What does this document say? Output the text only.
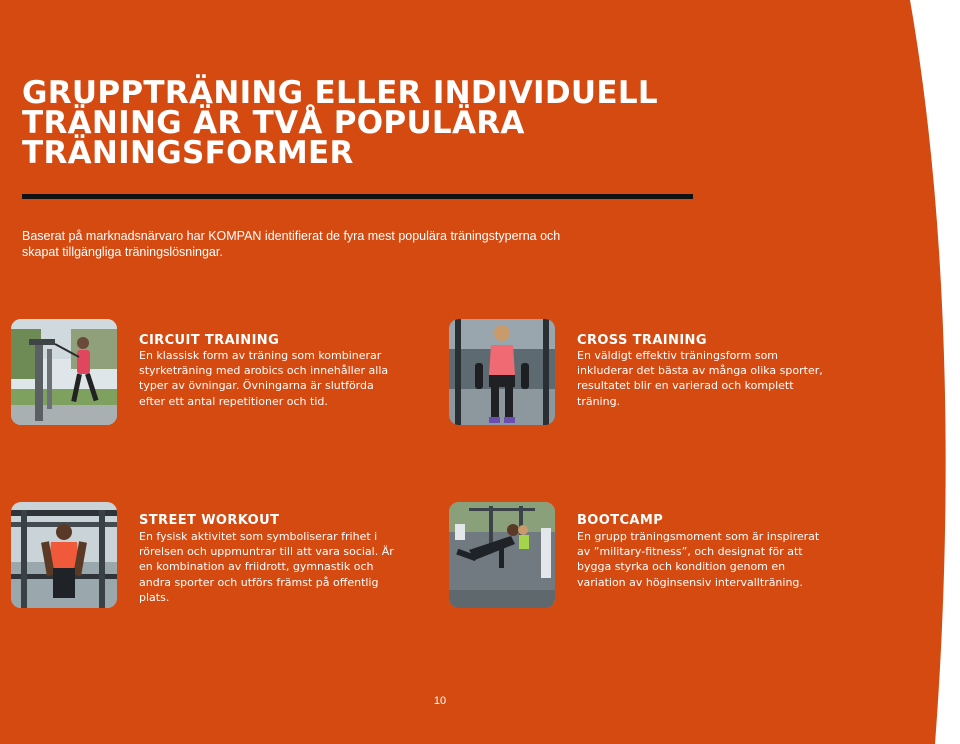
GRUPPTRÄNING ELLER INDIVIDUELL
TRÄNING ÄR TVÅ POPULÄRA
TRÄNINGSFORMER

Baserat på marknadsnärvaro har KOMPAN identifierat de fyra mest populära träningstyperna och skapat tillgängliga träningslösningar.

CIRCUIT TRAINING

En klassisk form av träning som kombinerar styrketräning med arobics och innehåller alla typer av övningar. Övningarna är slutförda efter ett antal repetitioner och tid.

CROSS TRAINING

En väldigt effektiv träningsform som inkluderar det bästa av många olika sporter, resultatet blir en varierad och komplett träning.

STREET WORKOUT

En fysisk aktivitet som symboliserar frihet i rörelsen och uppmuntrar till att vara social. Är en kombination av friidrott, gymnastik och andra sporter och utförs främst på offentlig plats.

BOOTCAMP

En grupp träningsmoment som är inspirerat av ”military-fitness”, och designat för att bygga styrka och kondition genom en variation av höginsensiv intervallträning.

10
